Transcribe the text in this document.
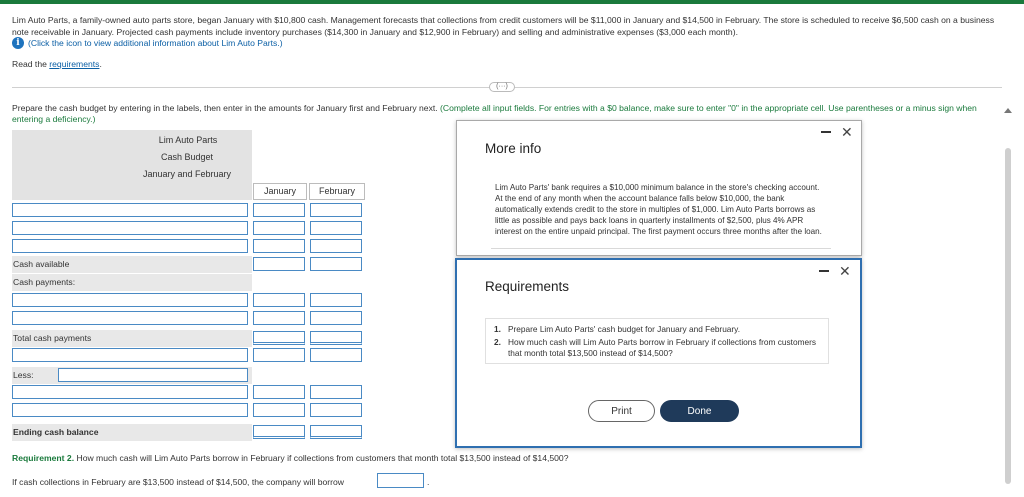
Lim Auto Parts, a family-owned auto parts store, began January with $10,800 cash. Management forecasts that collections from credit customers will be $11,000 in January and $14,500 in February. The store is scheduled to receive $6,500 cash on a business note receivable in January. Projected cash payments include inventory purchases ($14,300 in January and $12,900 in February) and selling and administrative expenses ($3,000 each month).
i (Click the icon to view additional information about Lim Auto Parts.)
Read the requirements.
(···)
Prepare the cash budget by entering in the labels, then enter in the amounts for January first and February next. (Complete all input fields. For entries with a $0 balance, make sure to enter "0" in the appropriate cell. Use parentheses or a minus sign when entering a deficiency.)
Lim Auto Parts
Cash Budget
January and February
January	February
Cash available
Cash payments:
Total cash payments
Less:
Ending cash balance
Requirement 2. How much cash will Lim Auto Parts borrow in February if collections from customers that month total $13,500 instead of $14,500?
If cash collections in February are $13,500 instead of $14,500, the company will borrow	.
More info
✕
Lim Auto Parts' bank requires a $10,000 minimum balance in the store's checking account. At the end of any month when the account balance falls below $10,000, the bank automatically extends credit to the store in multiples of $1,000. Lim Auto Parts borrows as little as possible and pays back loans in quarterly installments of $2,500, plus 4% APR interest on the entire unpaid principal. The first payment occurs three months after the loan.
Requirements
✕
1. Prepare Lim Auto Parts' cash budget for January and February.
2. How much cash will Lim Auto Parts borrow in February if collections from customers that month total $13,500 instead of $14,500?
Print	Done
